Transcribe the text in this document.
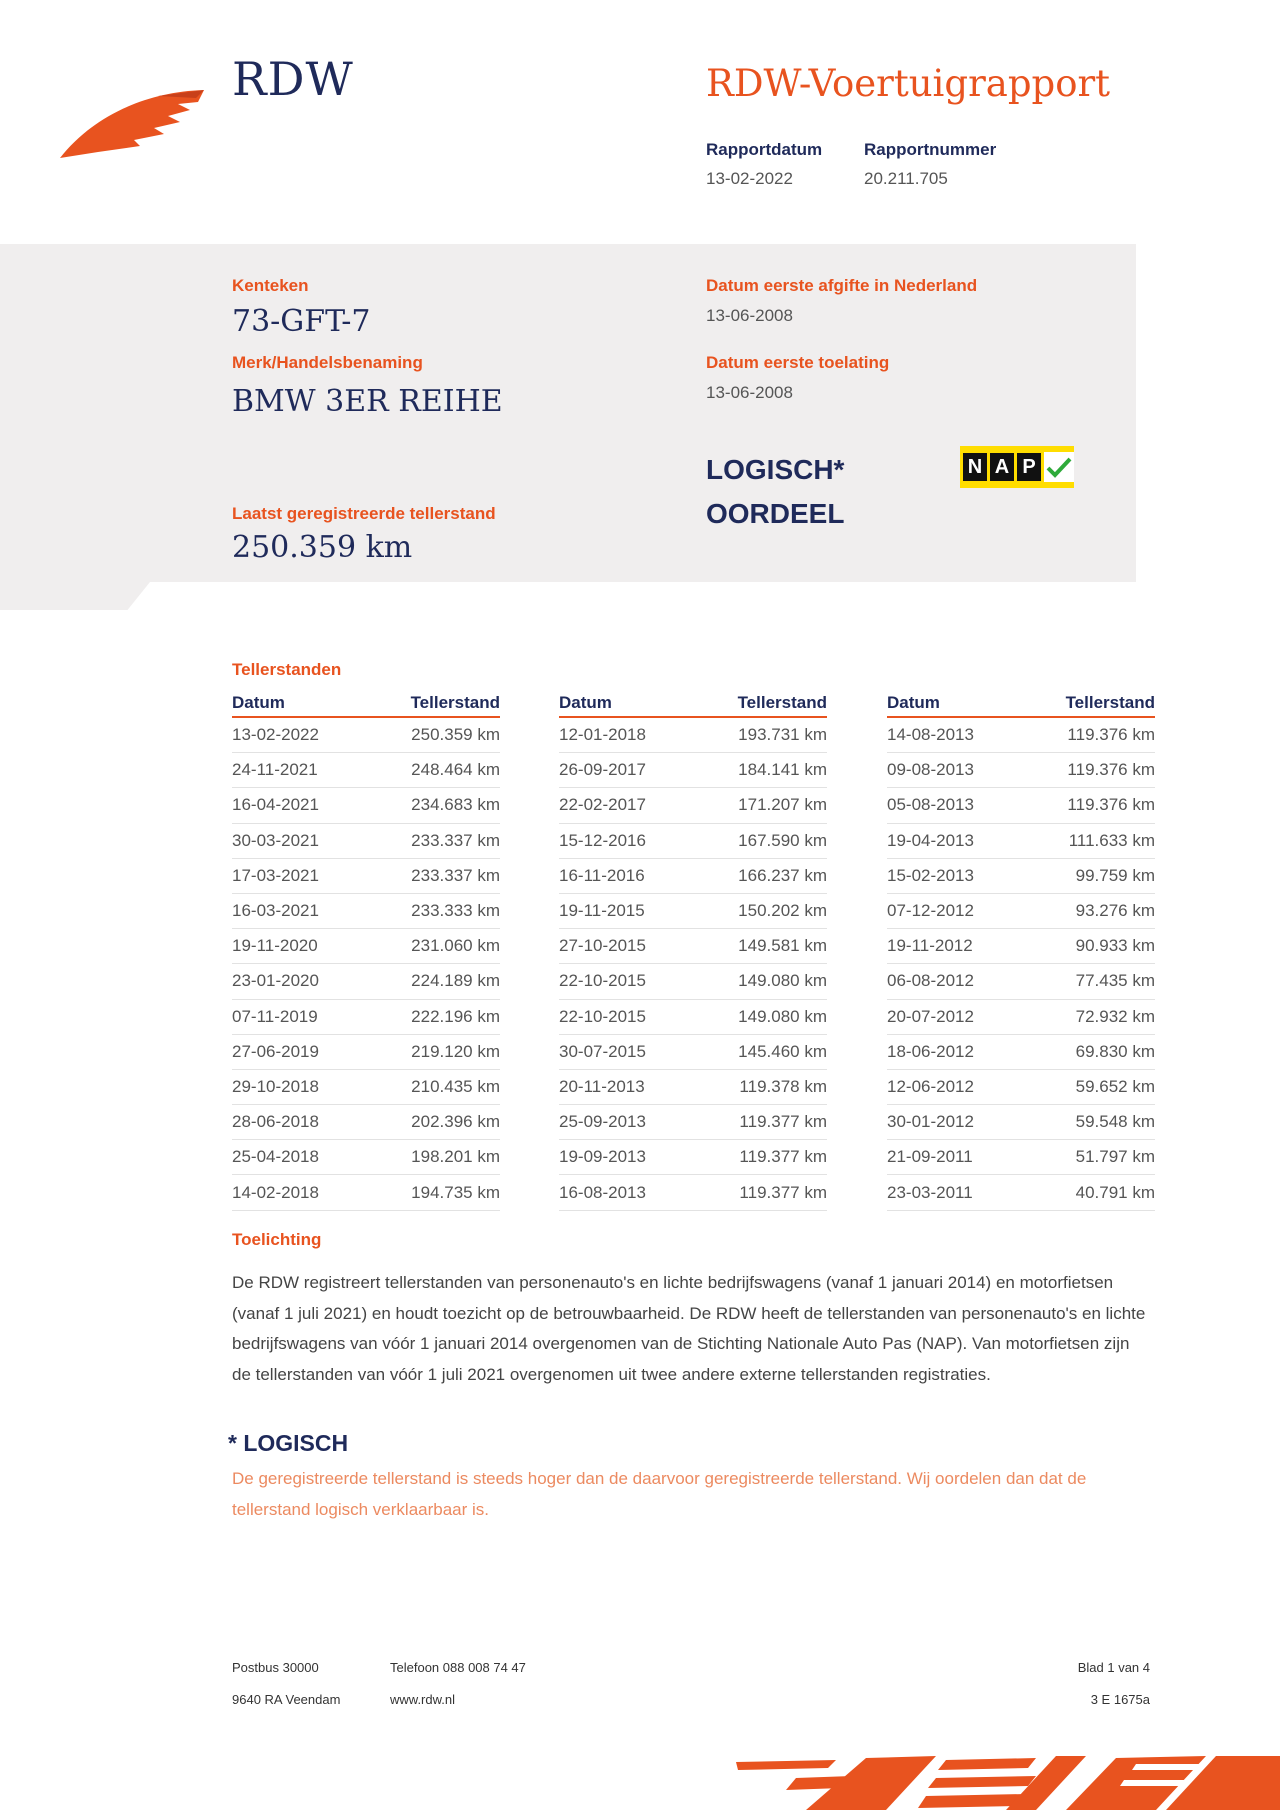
RDW	RDW-Voertuigrapport
Rapportdatum
13-02-2022
Rapportnummer
20.211.705
Kenteken
73-GFT-7
Merk/Handelsbenaming
BMW 3ER REIHE
Datum eerste afgifte in Nederland
13-06-2008
Datum eerste toelating
13-06-2008
LOGISCH*
OORDEEL
N A P
Laatst geregistreerde tellerstand
250.359 km
Tellerstanden
Datum	Tellerstand
13-02-2022	250.359 km
24-11-2021	248.464 km
16-04-2021	234.683 km
30-03-2021	233.337 km
17-03-2021	233.337 km
16-03-2021	233.333 km
19-11-2020	231.060 km
23-01-2020	224.189 km
07-11-2019	222.196 km
27-06-2019	219.120 km
29-10-2018	210.435 km
28-06-2018	202.396 km
25-04-2018	198.201 km
14-02-2018	194.735 km
Datum	Tellerstand
12-01-2018	193.731 km
26-09-2017	184.141 km
22-02-2017	171.207 km
15-12-2016	167.590 km
16-11-2016	166.237 km
19-11-2015	150.202 km
27-10-2015	149.581 km
22-10-2015	149.080 km
22-10-2015	149.080 km
30-07-2015	145.460 km
20-11-2013	119.378 km
25-09-2013	119.377 km
19-09-2013	119.377 km
16-08-2013	119.377 km
Datum	Tellerstand
14-08-2013	119.376 km
09-08-2013	119.376 km
05-08-2013	119.376 km
19-04-2013	111.633 km
15-02-2013	99.759 km
07-12-2012	93.276 km
19-11-2012	90.933 km
06-08-2012	77.435 km
20-07-2012	72.932 km
18-06-2012	69.830 km
12-06-2012	59.652 km
30-01-2012	59.548 km
21-09-2011	51.797 km
23-03-2011	40.791 km
Toelichting
De RDW registreert tellerstanden van personenauto's en lichte bedrijfswagens (vanaf 1 januari 2014) en motorfietsen (vanaf 1 juli 2021) en houdt toezicht op de betrouwbaarheid. De RDW heeft de tellerstanden van personenauto's en lichte bedrijfswagens van vóór 1 januari 2014 overgenomen van de Stichting Nationale Auto Pas (NAP). Van motorfietsen zijn de tellerstanden van vóór 1 juli 2021 overgenomen uit twee andere externe tellerstanden registraties.
* LOGISCH
De geregistreerde tellerstand is steeds hoger dan de daarvoor geregistreerde tellerstand. Wij oordelen dan dat de tellerstand logisch verklaarbaar is.
Postbus 30000
9640 RA Veendam
Telefoon 088 008 74 47
www.rdw.nl
Blad 1 van 4
3 E 1675a
